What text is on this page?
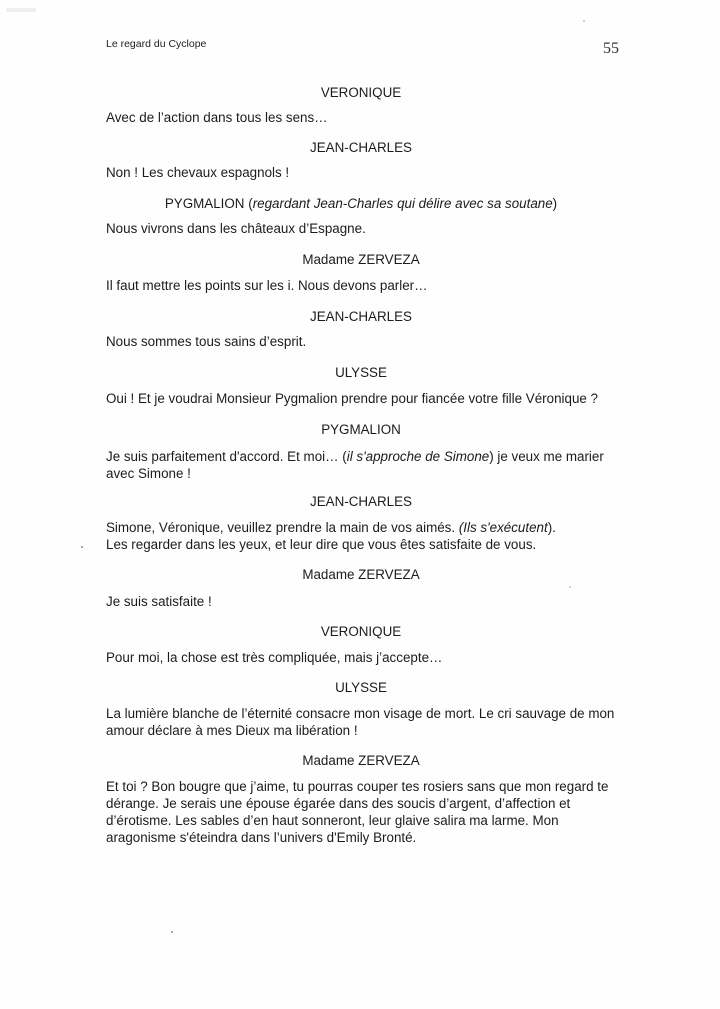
Le regard du Cyclope	55
VERONIQUE
Avec de l’action dans tous les sens…
JEAN-CHARLES
Non ! Les chevaux espagnols !
PYGMALION (regardant Jean-Charles qui délire avec sa soutane)
Nous vivrons dans les châteaux d’Espagne.
Madame ZERVEZA
Il faut mettre les points sur les i. Nous devons parler…
JEAN-CHARLES
Nous sommes tous sains d’esprit.
ULYSSE
Oui ! Et je voudrai Monsieur Pygmalion prendre pour fiancée votre fille Véronique ?
PYGMALION
Je suis parfaitement d'accord. Et moi… (il s'approche de Simone) je veux me marier
avec Simone !
JEAN-CHARLES
Simone, Véronique, veuillez prendre la main de vos aimés. (Ils s'exécutent).
Les regarder dans les yeux, et leur dire que vous êtes satisfaite de vous.
Madame ZERVEZA
Je suis satisfaite !
VERONIQUE
Pour moi, la chose est très compliquée, mais j’accepte…
ULYSSE
La lumière blanche de l’éternité consacre mon visage de mort. Le cri sauvage de mon
amour déclare à mes Dieux ma libération !
Madame ZERVEZA
Et toi ? Bon bougre que j’aime, tu pourras couper tes rosiers sans que mon regard te
dérange. Je serais une épouse égarée dans des soucis d’argent, d’affection et
d’érotisme. Les sables d’en haut sonneront, leur glaive salira ma larme. Mon
aragonisme s'éteindra dans l’univers d'Emily Bronté.
